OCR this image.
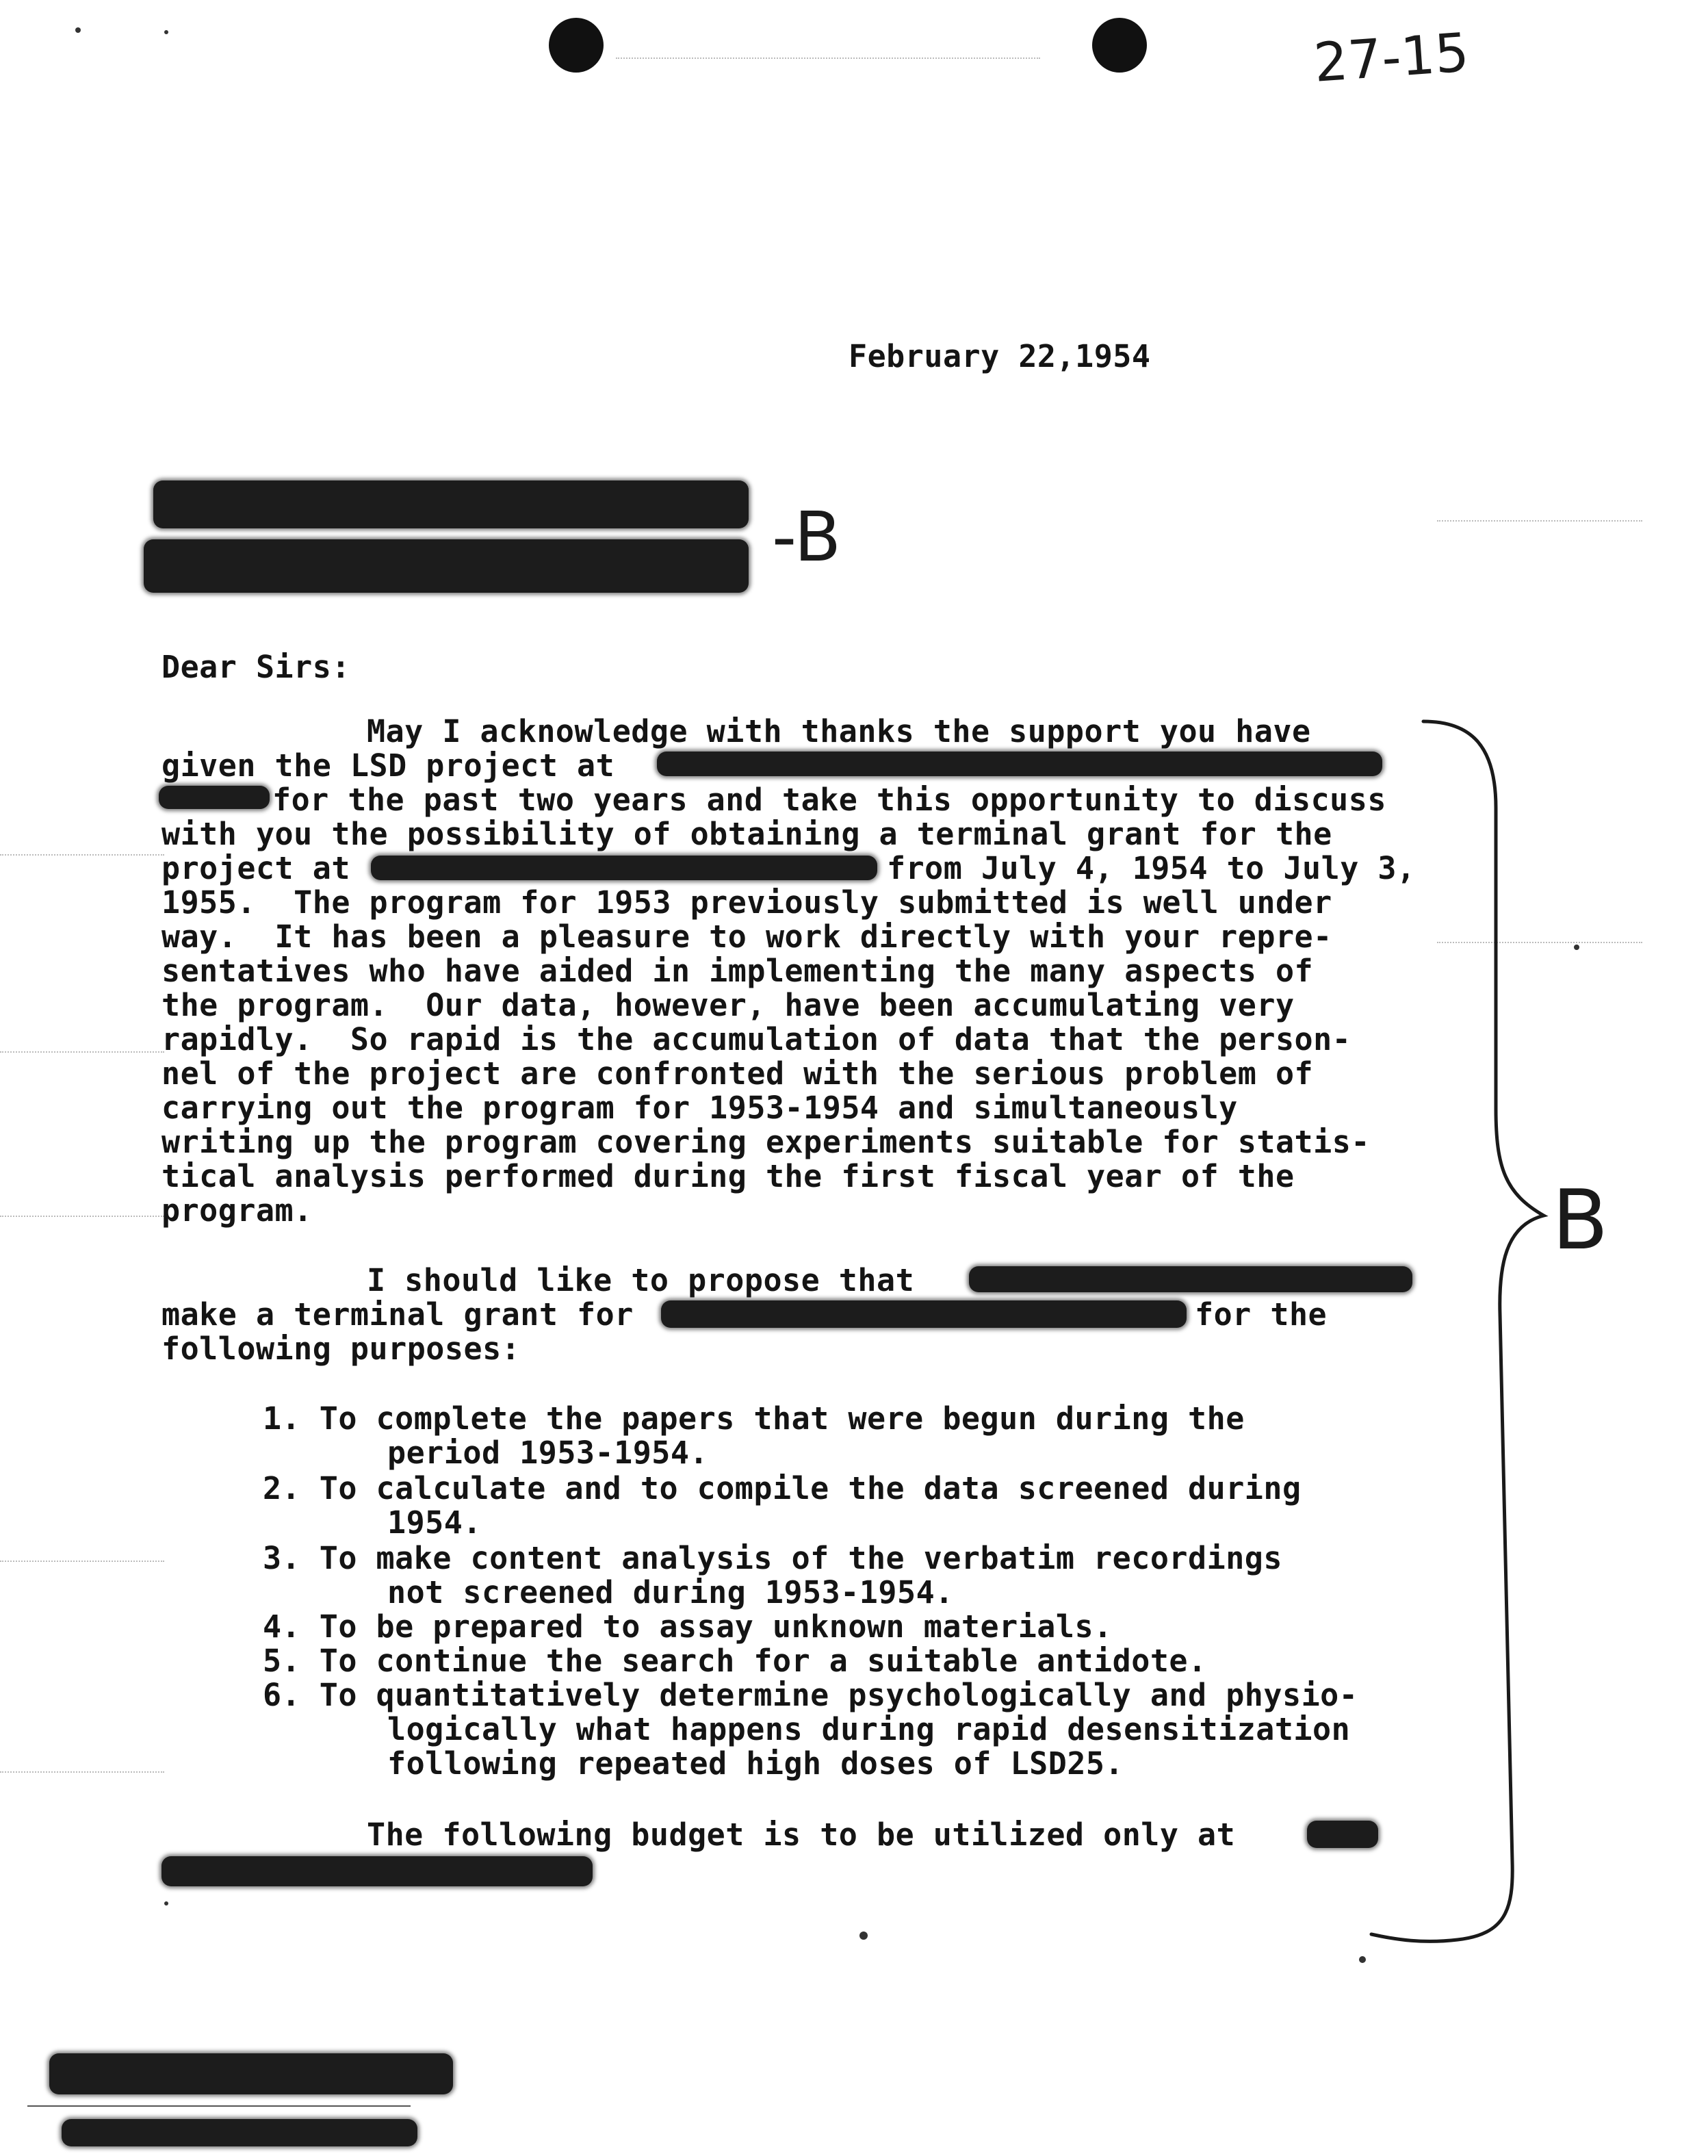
27-15
-B
B
February 22,1954
Dear Sirs:
May I acknowledge with thanks the support you have
given the LSD project at
for the past two years and take this opportunity to discuss
with you the possibility of obtaining a terminal grant for the
project at	from July 4, 1954 to July 3,
1955.  The program for 1953 previously submitted is well under
way.  It has been a pleasure to work directly with your repre-
sentatives who have aided in implementing the many aspects of
the program.  Our data, however, have been accumulating very
rapidly.  So rapid is the accumulation of data that the person-
nel of the project are confronted with the serious problem of
carrying out the program for 1953-1954 and simultaneously
writing up the program covering experiments suitable for statis-
tical analysis performed during the first fiscal year of the
program.
I should like to propose that
make a terminal grant for	for the
following purposes:
1. To complete the papers that were begun during the
period 1953-1954.
2. To calculate and to compile the data screened during
1954.
3. To make content analysis of the verbatim recordings
not screened during 1953-1954.
4. To be prepared to assay unknown materials.
5. To continue the search for a suitable antidote.
6. To quantitatively determine psychologically and physio-
logically what happens during rapid desensitization
following repeated high doses of LSD25.
The following budget is to be utilized only at
